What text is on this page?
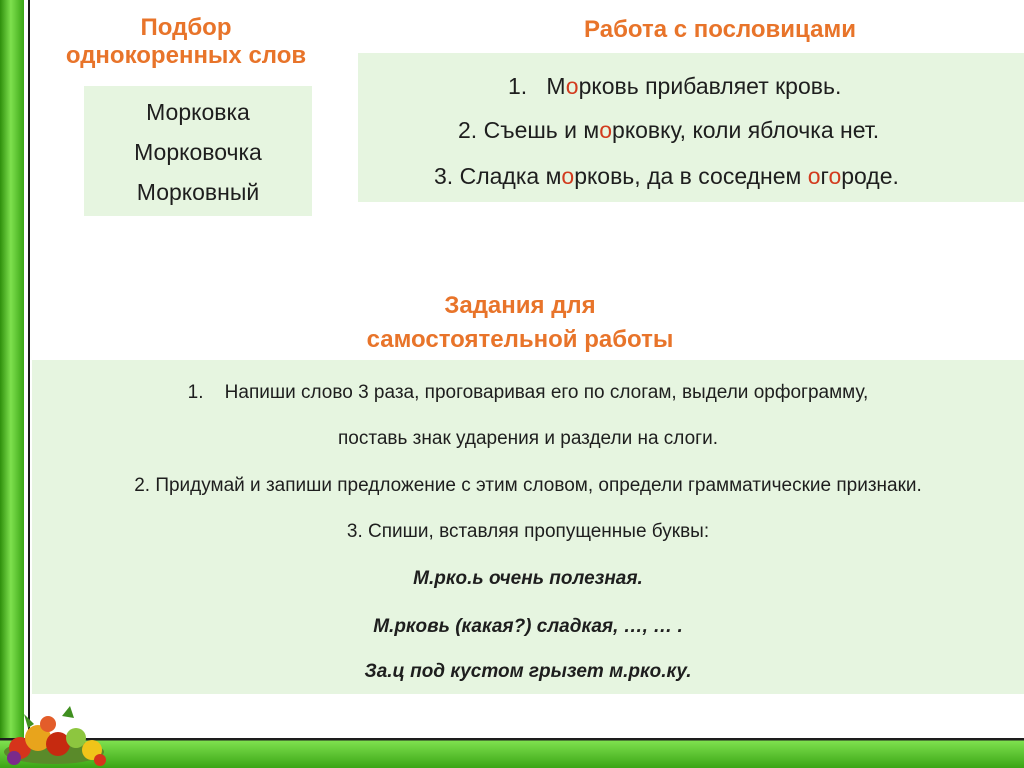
Подбор
однокоренных слов
Морковка
Морковочка
Морковный
Работа с пословицами
1. Морковь прибавляет кровь.
2. Съешь и морковку, коли яблочка нет.
3. Сладка морковь, да в соседнем огороде.
Задания для
самостоятельной работы
1. Напиши слово 3 раза, проговаривая его по слогам, выдели орфограмму,
поставь знак ударения и раздели на слоги.
2. Придумай и запиши предложение с этим словом, определи грамматические признаки.
3. Спиши, вставляя пропущенные буквы:
М.рко.ь очень полезная.
М.рковь (какая?) сладкая, …, … .
За.ц под кустом грызет м.рко.ку.
